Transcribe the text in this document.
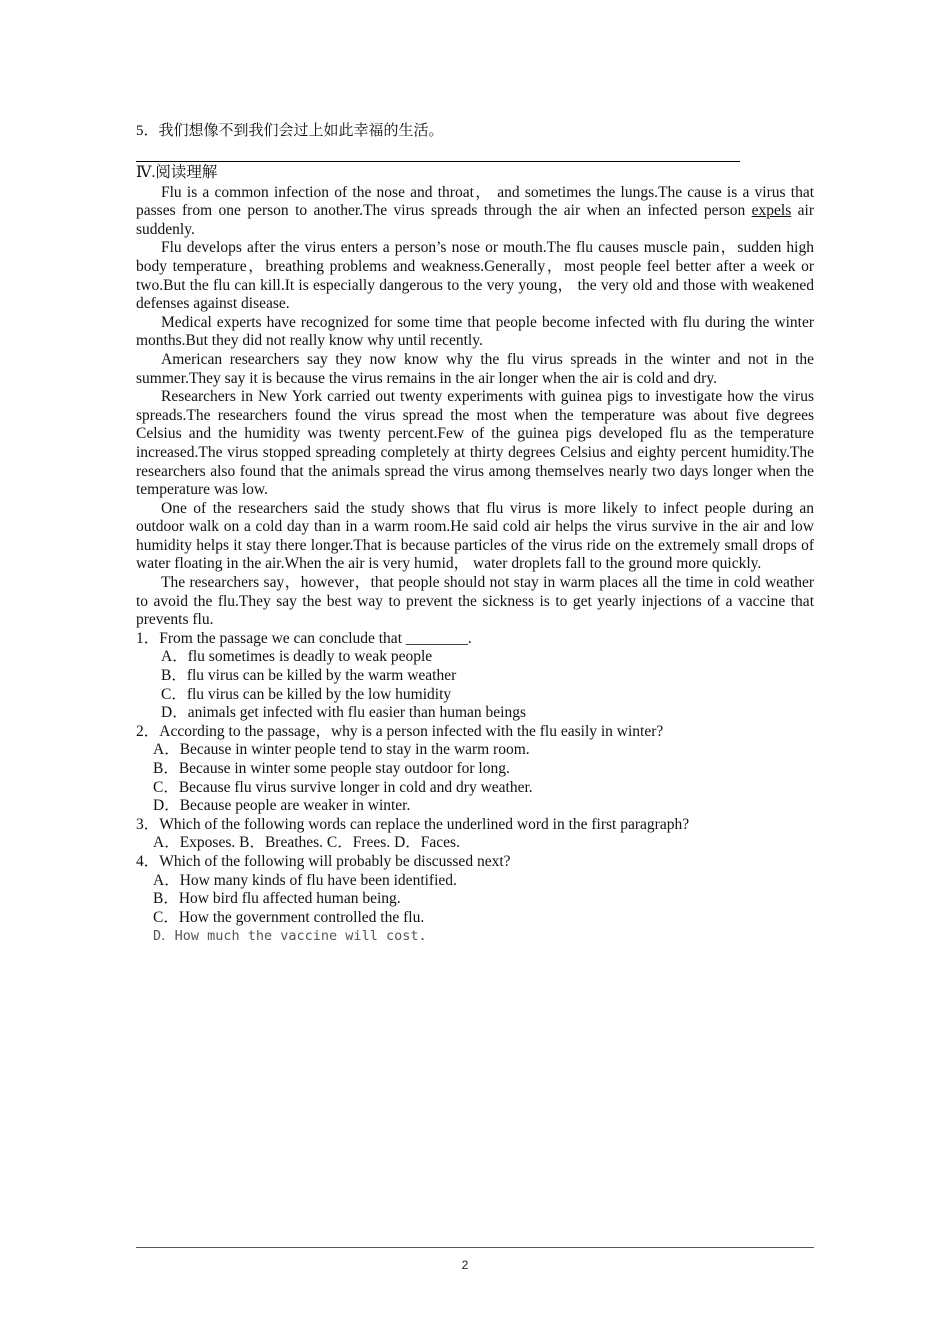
5．我们想像不到我们会过上如此幸福的生活。
Ⅳ.阅读理解

Flu is a common infection of the nose and throat， and sometimes the lungs.The cause is a virus that passes from one person to another.The virus spreads through the air when an infected person expels air suddenly.

Flu develops after the virus enters a person’s nose or mouth.The flu causes muscle pain，sudden high body temperature，breathing problems and weakness.Generally，most people feel better after a week or two.But the flu can kill.It is especially dangerous to the very young， the very old and those with weakened defenses against disease.

Medical experts have recognized for some time that people become infected with flu during the winter months.But they did not really know why until recently.

American researchers say they now know why the flu virus spreads in the winter and not in the summer.They say it is because the virus remains in the air longer when the air is cold and dry.

Researchers in New York carried out twenty experiments with guinea pigs to investigate how the virus spreads.The researchers found the virus spread the most when the temperature was about five degrees Celsius and the humidity was twenty percent.Few of the guinea pigs developed flu as the temperature increased.The virus stopped spreading completely at thirty degrees Celsius and eighty percent humidity.The researchers also found that the animals spread the virus among themselves nearly two days longer when the temperature was low.

One of the researchers said the study shows that flu virus is more likely to infect people during an outdoor walk on a cold day than in a warm room.He said cold air helps the virus survive in the air and low humidity helps it stay there longer.That is because particles of the virus ride on the extremely small drops of water floating in the air.When the air is very humid， water droplets fall to the ground more quickly.

The researchers say，however，that people should not stay in warm places all the time in cold weather to avoid the flu.They say the best way to prevent the sickness is to get yearly injections of a vaccine that prevents flu.

1．From the passage we can conclude that ________.
A．flu sometimes is deadly to weak people
B．flu virus can be killed by the warm weather
C．flu virus can be killed by the low humidity
D．animals get infected with flu easier than human beings
2．According to the passage，why is a person infected with the flu easily in winter?
A．Because in winter people tend to stay in the warm room.
B．Because in winter some people stay outdoor for long.
C．Because flu virus survive longer in cold and dry weather.
D．Because people are weaker in winter.
3．Which of the following words can replace the underlined word in the first paragraph?
A．Exposes. B．Breathes. C．Frees. D．Faces.
4．Which of the following will probably be discussed next?
A．How many kinds of flu have been identified.
B．How bird flu affected human being.
C．How the government controlled the flu.
D．How much the vaccine will cost.
2
